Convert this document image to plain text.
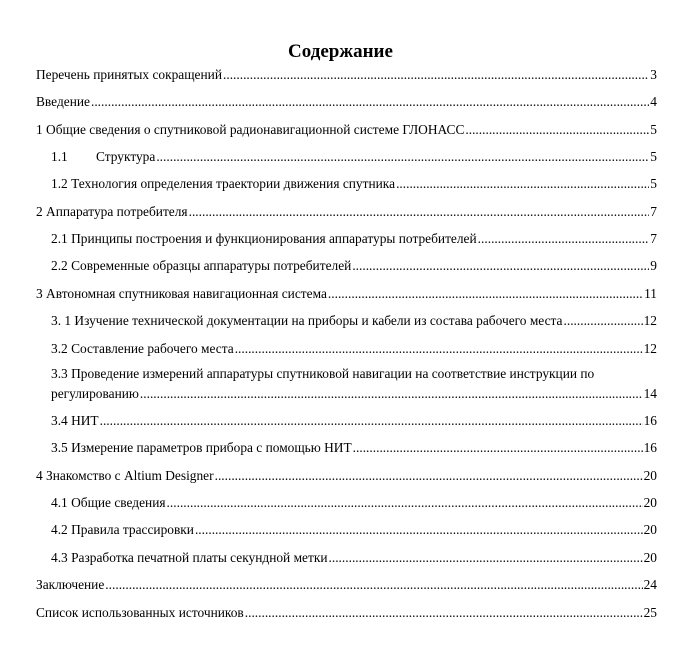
Содержание
Перечень принятых сокращений .....	3
Введение .....	4
1 Общие сведения о спутниковой радионавигационной системе ГЛОНАСС .....	5
1.1 Структура .....	5
1.2 Технология определения траектории движения спутника .....	5
2 Аппаратура потребителя .....	7
2.1 Принципы построения и функционирования аппаратуры потребителей .....	7
2.2 Современные образцы аппаратуры потребителей .....	9
3 Автономная спутниковая навигационная система .....	11
3. 1 Изучение технической документации на приборы и кабели из состава рабочего места .....	12
3.2 Составление рабочего места .....	12
3.3 Проведение измерений аппаратуры спутниковой навигации на соответствие инструкции по
регулированию .....	14
3.4 НИТ .....	16
3.5 Измерение параметров прибора с помощью НИТ .....	16
4 Знакомство с Altium Designer .....	20
4.1 Общие сведения .....	20
4.2 Правила трассировки .....	20
4.3 Разработка печатной платы секундной метки .....	20
Заключение .....	24
Список использованных источников .....	25
